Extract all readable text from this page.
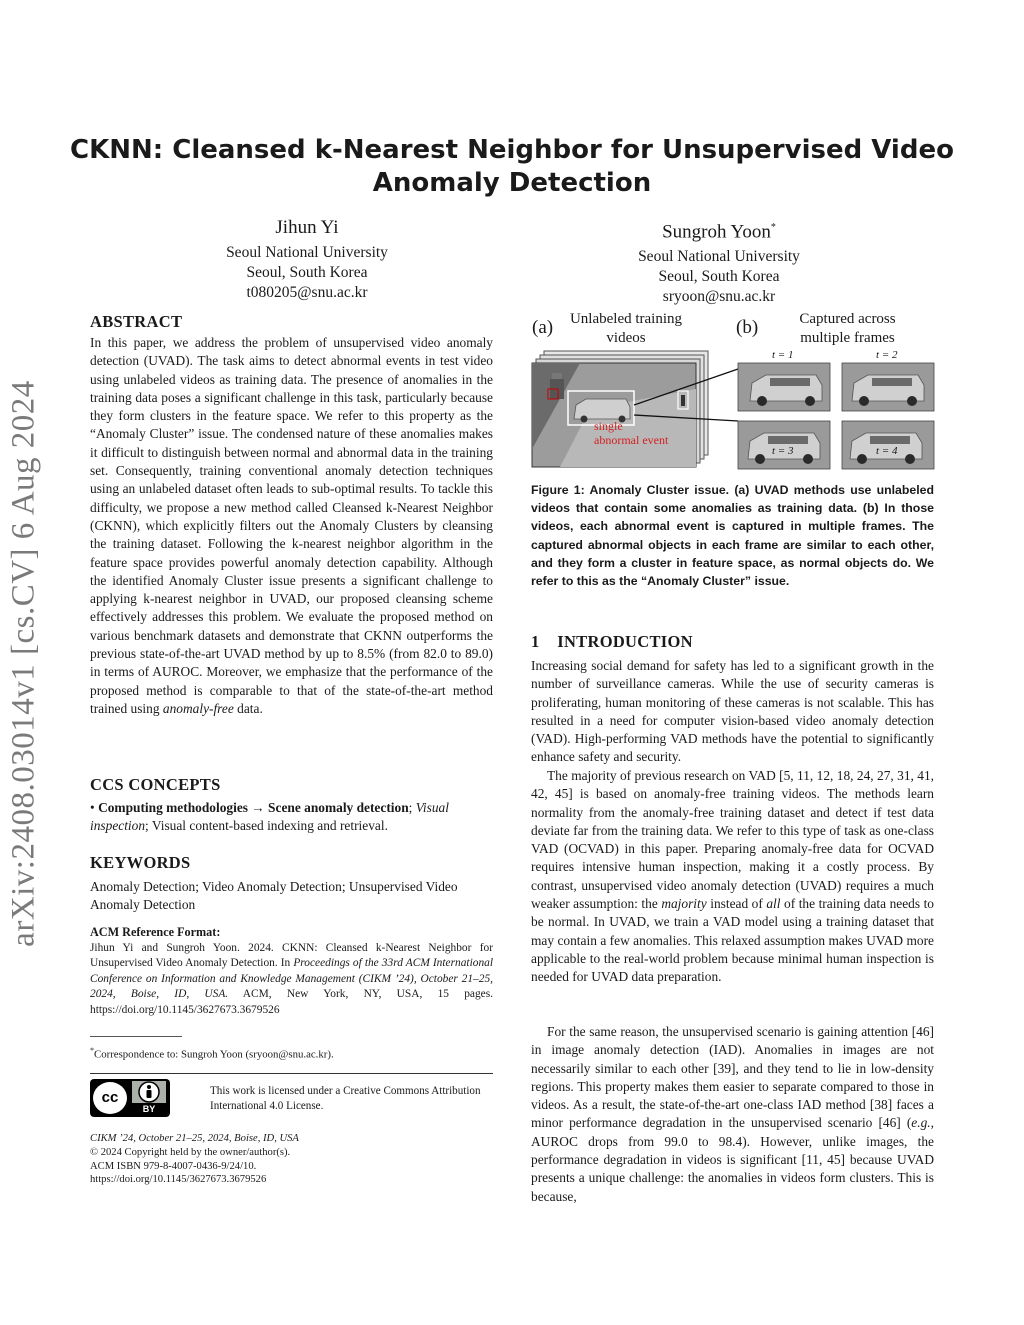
arXiv:2408.03014v1 [cs.CV] 6 Aug 2024
CKNN: Cleansed k-Nearest Neighbor for Unsupervised Video Anomaly Detection
Jihun Yi
Seoul National University
Seoul, South Korea
t080205@snu.ac.kr
Sungroh Yoon*
Seoul National University
Seoul, South Korea
sryoon@snu.ac.kr
ABSTRACT
In this paper, we address the problem of unsupervised video anomaly detection (UVAD). The task aims to detect abnormal events in test video using unlabeled videos as training data. The presence of anomalies in the training data poses a significant challenge in this task, particularly because they form clusters in the feature space. We refer to this property as the “Anomaly Cluster” issue. The condensed nature of these anomalies makes it difficult to distinguish between normal and abnormal data in the training set. Consequently, training conventional anomaly detection techniques using an unlabeled dataset often leads to sub-optimal results. To tackle this difficulty, we propose a new method called Cleansed k-Nearest Neighbor (CKNN), which explicitly filters out the Anomaly Clusters by cleansing the training dataset. Following the k-nearest neighbor algorithm in the feature space provides powerful anomaly detection capability. Although the identified Anomaly Cluster issue presents a significant challenge to applying k-nearest neighbor in UVAD, our proposed cleansing scheme effectively addresses this problem. We evaluate the proposed method on various benchmark datasets and demonstrate that CKNN outperforms the previous state-of-the-art UVAD method by up to 8.5% (from 82.0 to 89.0) in terms of AUROC. Moreover, we emphasize that the performance of the proposed method is comparable to that of the state-of-the-art method trained using anomaly-free data.
CCS CONCEPTS
• Computing methodologies → Scene anomaly detection; Visual inspection; Visual content-based indexing and retrieval.
KEYWORDS
Anomaly Detection; Video Anomaly Detection; Unsupervised Video Anomaly Detection
ACM Reference Format:
Jihun Yi and Sungroh Yoon. 2024. CKNN: Cleansed k-Nearest Neighbor for Unsupervised Video Anomaly Detection. In Proceedings of the 33rd ACM International Conference on Information and Knowledge Management (CIKM ’24), October 21–25, 2024, Boise, ID, USA. ACM, New York, NY, USA, 15 pages. https://doi.org/10.1145/3627673.3679526
*Correspondence to: Sungroh Yoon (sryoon@snu.ac.kr).
cc
BY
This work is licensed under a Creative Commons Attribution International 4.0 License.
CIKM ’24, October 21–25, 2024, Boise, ID, USA
© 2024 Copyright held by the owner/author(s).
ACM ISBN 979-8-4007-0436-9/24/10.
https://doi.org/10.1145/3627673.3679526
(a) Unlabeled training videos	(b)	Captured across multiple frames
single
abnormal event
t = 1	t = 2
t = 3	t = 4
Figure 1: Anomaly Cluster issue. (a) UVAD methods use unlabeled videos that contain some anomalies as training data. (b) In those videos, each abnormal event is captured in multiple frames. The captured abnormal objects in each frame are similar to each other, and they form a cluster in feature space, as normal objects do. We refer to this as the “Anomaly Cluster” issue.
1    INTRODUCTION
Increasing social demand for safety has led to a significant growth in the number of surveillance cameras. While the use of security cameras is proliferating, human monitoring of these cameras is not scalable. This has resulted in a need for computer vision-based video anomaly detection (VAD). High-performing VAD methods have the potential to significantly enhance safety and security.
The majority of previous research on VAD [5, 11, 12, 18, 24, 27, 31, 41, 42, 45] is based on anomaly-free training videos. The methods learn normality from the anomaly-free training dataset and detect if test data deviate far from the training data. We refer to this type of task as one-class VAD (OCVAD) in this paper. Preparing anomaly-free data for OCVAD requires intensive human inspection, making it a costly process. By contrast, unsupervised video anomaly detection (UVAD) requires a much weaker assumption: the majority instead of all of the training data needs to be normal. In UVAD, we train a VAD model using a training dataset that may contain a few anomalies. This relaxed assumption makes UVAD more applicable to the real-world problem because minimal human inspection is needed for UVAD data preparation.
For the same reason, the unsupervised scenario is gaining attention [46] in image anomaly detection (IAD). Anomalies in images are not necessarily similar to each other [39], and they tend to lie in low-density regions. This property makes them easier to separate compared to those in videos. As a result, the state-of-the-art one-class IAD method [38] faces a minor performance degradation in the unsupervised scenario [46] (e.g., AUROC drops from 99.0 to 98.4). However, unlike images, the performance degradation in videos is significant [11, 45] because UVAD presents a unique challenge: the anomalies in videos form clusters. This is because,
